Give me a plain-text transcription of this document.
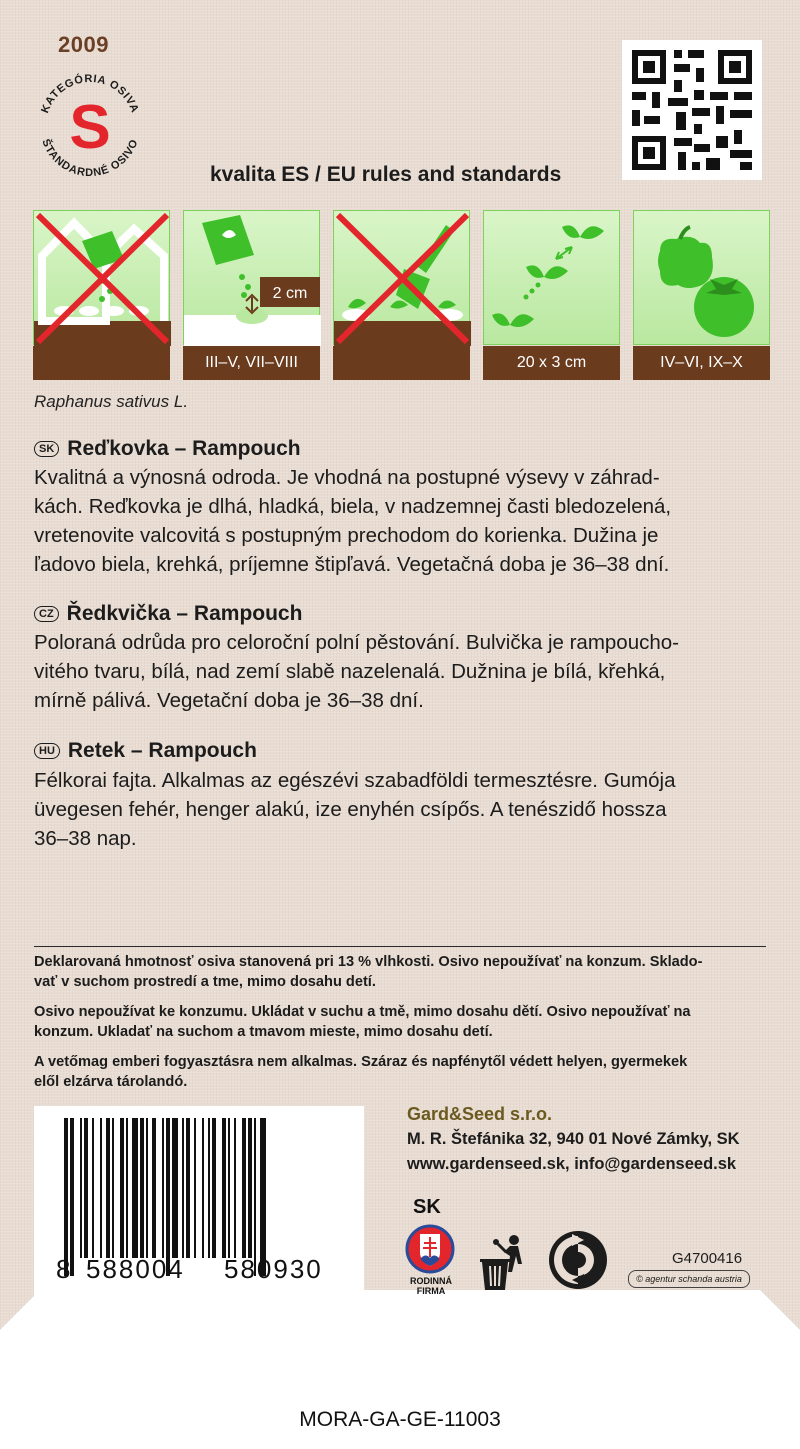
2009
KATEGÓRIA OSIVA
ŠTANDARDNÉ OSIVO
S
kvalita ES / EU rules and standards
2 cm
III–V, VII–VIII	20 x 3 cm	IV–VI, IX–X
Raphanus sativus L.
SK Reďkovka – Rampouch
Kvalitná a výnosná odroda. Je vhodná na postupné výsevy v záhrad-
kách. Reďkovka je dlhá, hladká, biela, v nadzemnej časti bledozelená,
vretenovite valcovitá s postupným prechodom do korienka. Dužina je
ľadovo biela, krehká, príjemne štipľavá. Vegetačná doba je 36–38 dní.
CZ Ředkvička – Rampouch
Polorаná odrůda pro celoroční polní pěstování. Bulvička je rampoucho-
vitého tvaru, bílá, nad zemí slabě nazelenalá. Dužnina je bílá, křehká,
mírně pálivá. Vegetační doba je 36–38 dní.
HU Retek – Rampouch
Félkorai fajta. Alkalmas az egészévi szabadföldi termesztésre. Gumója
üvegesen fehér, henger alakú, ize enyhén csípős. A tenészidő hossza
36–38 nap.
Deklarovaná hmotnosť osiva stanovená pri 13 % vlhkosti. Osivo nepoužívať na konzum. Sklado-
vať v suchom prostredí a tme, mimo dosahu detí.
Osivo nepoužívat ke konzumu. Ukládat v suchu a tmě, mimo dosahu dětí. Osivo nepoužívať na
konzum. Ukladať na suchom a tmavom mieste, mimo dosahu detí.
A vetőmag emberi fogyasztásra nem alkalmas. Száraz és napfénytől védett helyen, gyermekek
elől elzárva tárolandó.
8 588004 580930
Gard&Seed s.r.o.
M. R. Štefánika 32, 940 01 Nové Zámky, SK
www.gardenseed.sk, info@gardenseed.sk
SK
RODINNÁ
FIRMA
G4700416
© agentur schanda austria
MORA-GA-GE-11003
